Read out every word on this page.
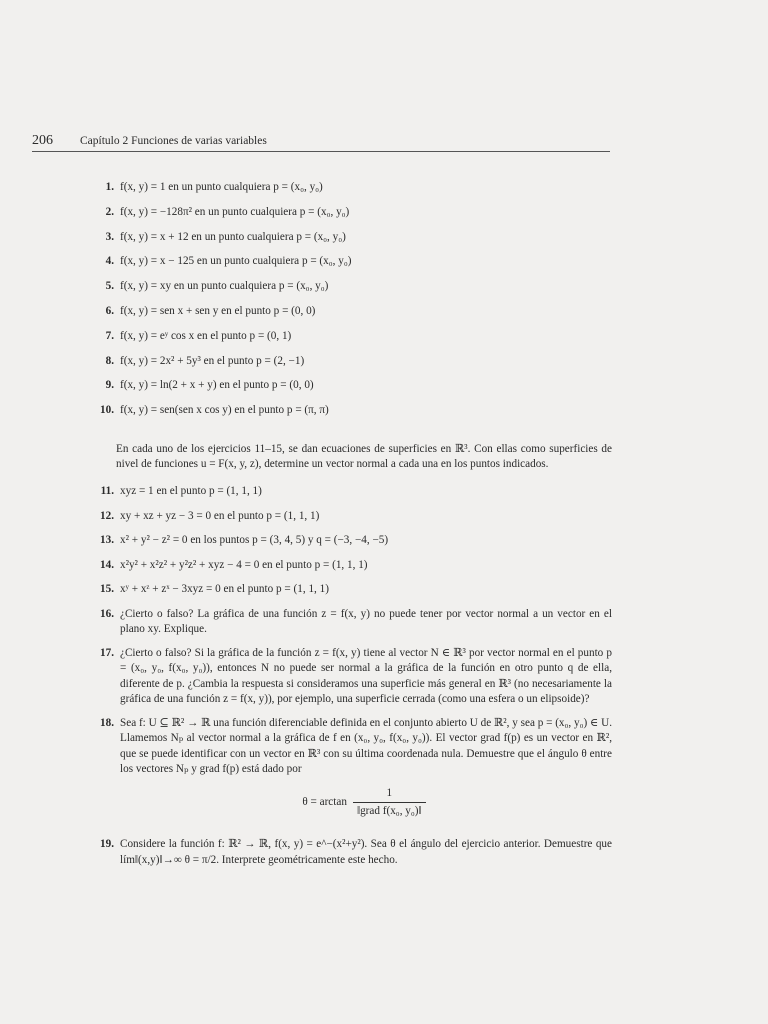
206	Capítulo 2 Funciones de varias variables
1. f(x, y) = 1 en un punto cualquiera p = (x₀, y₀)
2. f(x, y) = −128π² en un punto cualquiera p = (x₀, y₀)
3. f(x, y) = x + 12 en un punto cualquiera p = (x₀, y₀)
4. f(x, y) = x − 125 en un punto cualquiera p = (x₀, y₀)
5. f(x, y) = xy en un punto cualquiera p = (x₀, y₀)
6. f(x, y) = sen x + sen y en el punto p = (0, 0)
7. f(x, y) = eʸ cos x en el punto p = (0, 1)
8. f(x, y) = 2x² + 5y³ en el punto p = (2, −1)
9. f(x, y) = ln(2 + x + y) en el punto p = (0, 0)
10. f(x, y) = sen(sen x cos y) en el punto p = (π, π)

En cada uno de los ejercicios 11–15, se dan ecuaciones de superficies en ℝ³. Con ellas como superficies de nivel de funciones u = F(x, y, z), determine un vector normal a cada una en los puntos indicados.

11. xyz = 1 en el punto p = (1, 1, 1)
12. xy + xz + yz − 3 = 0 en el punto p = (1, 1, 1)
13. x² + y² − z² = 0 en los puntos p = (3, 4, 5) y q = (−3, −4, −5)
14. x²y² + x²z² + y²z² + xyz − 4 = 0 en el punto p = (1, 1, 1)
15. xʸ + xᶻ + zˣ − 3xyz = 0 en el punto p = (1, 1, 1)
16. ¿Cierto o falso? La gráfica de una función z = f(x, y) no puede tener por vector normal a un vector en el plano xy. Explique.
17. ¿Cierto o falso? Si la gráfica de la función z = f(x, y) tiene al vector N ∈ ℝ³ por vector normal en el punto p = (x₀, y₀, f(x₀, y₀)), entonces N no puede ser normal a la gráfica de la función en otro punto q de ella, diferente de p. ¿Cambia la respuesta si consideramos una superficie más general en ℝ³ (no necesariamente la gráfica de una función z = f(x, y)), por ejemplo, una superficie cerrada (como una esfera o un elipsoide)?
18. Sea f: U ⊆ ℝ² → ℝ una función diferenciable definida en el conjunto abierto U de ℝ², y sea p = (x₀, y₀) ∈ U. Llamemos Nₚ al vector normal a la gráfica de f en (x₀, y₀, f(x₀, y₀)). El vector grad f(p) es un vector en ℝ², que se puede identificar con un vector en ℝ³ con su última coordenada nula. Demuestre que el ángulo θ entre los vectores Nₚ y grad f(p) está dado por
$\theta = \arctan \frac{1}{\text{‖grad f(x₀, y₀)‖}}$
19. Considere la función f: ℝ² → ℝ, f(x, y) = e^−(x²+y²). Sea θ el ángulo del ejercicio anterior. Demuestre que lím‖(x,y)‖→∞ θ = π/2. Interprete geométricamente este hecho.
